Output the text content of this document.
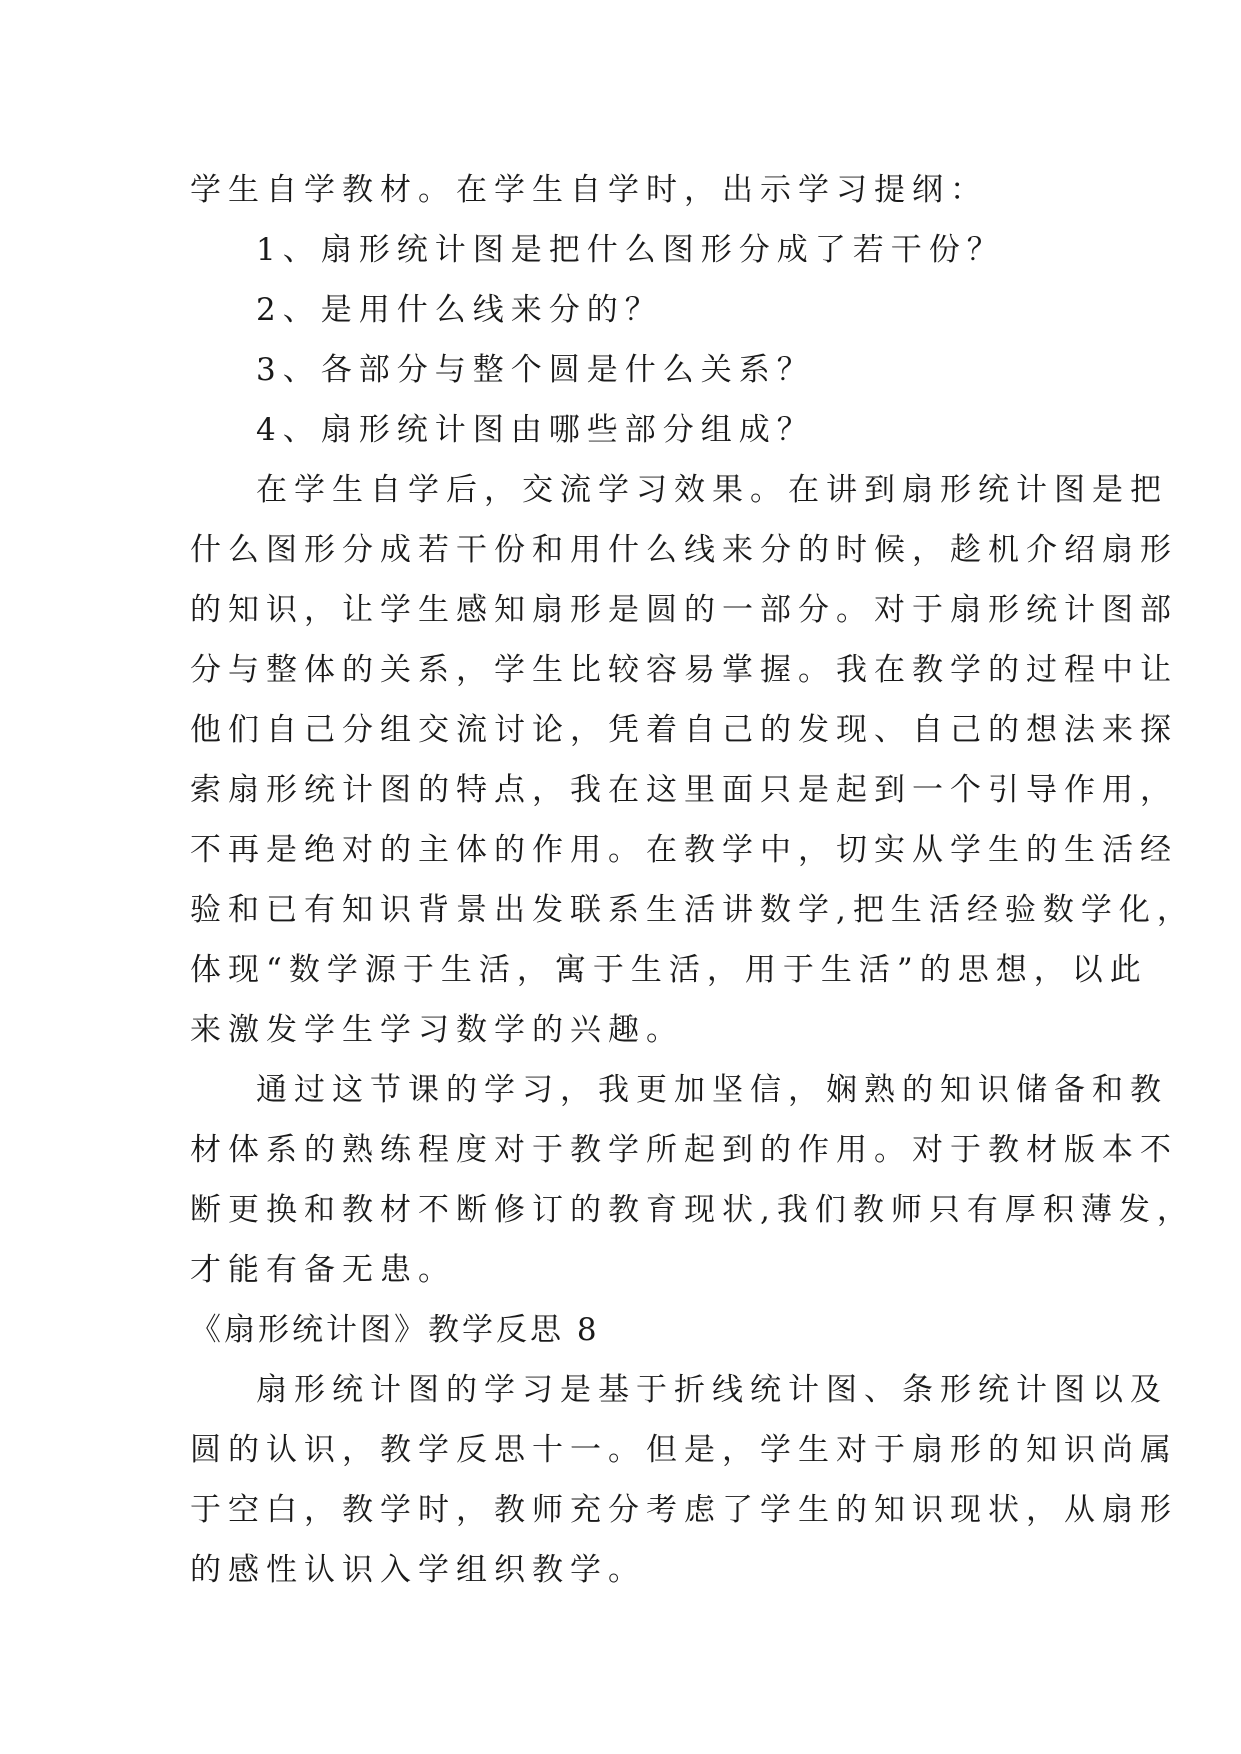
学生自学教材。在学生自学时，出示学习提纲：

1、扇形统计图是把什么图形分成了若干份？

2、是用什么线来分的？

3、各部分与整个圆是什么关系？

4、扇形统计图由哪些部分组成？

在学生自学后，交流学习效果。在讲到扇形统计图是把

什么图形分成若干份和用什么线来分的时候，趁机介绍扇形

的知识，让学生感知扇形是圆的一部分。对于扇形统计图部

分与整体的关系，学生比较容易掌握。我在教学的过程中让

他们自己分组交流讨论，凭着自己的发现、自己的想法来探

索扇形统计图的特点，我在这里面只是起到一个引导作用，

不再是绝对的主体的作用。在教学中，切实从学生的生活经

验和已有知识背景出发联系生活讲数学,把生活经验数学化，

体现“数学源于生活，寓于生活，用于生活”的思想，以此

来激发学生学习数学的兴趣。

通过这节课的学习，我更加坚信，娴熟的知识储备和教

材体系的熟练程度对于教学所起到的作用。对于教材版本不

断更换和教材不断修订的教育现状,我们教师只有厚积薄发，

才能有备无患。

《扇形统计图》教学反思 8

扇形统计图的学习是基于折线统计图、条形统计图以及

圆的认识，教学反思十一。但是，学生对于扇形的知识尚属

于空白，教学时，教师充分考虑了学生的知识现状，从扇形

的感性认识入学组织教学。
